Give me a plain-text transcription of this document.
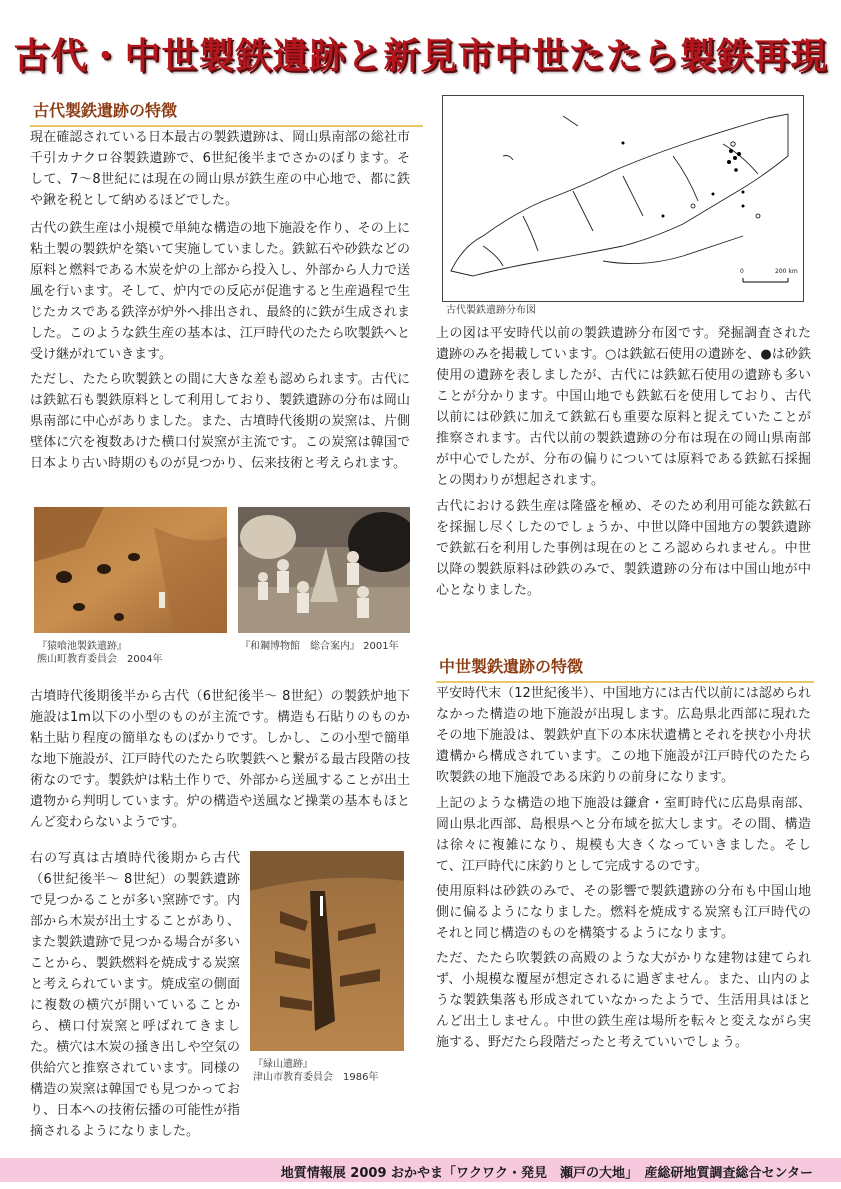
古代・中世製鉄遺跡と新見市中世たたら製鉄再現
古代製鉄遺跡の特徴

現在確認されている日本最古の製鉄遺跡は、岡山県南部の総社市千引カナクロ谷製鉄遺跡で、6世紀後半までさかのぼります。そして、7～8世紀には現在の岡山県が鉄生産の中心地で、都に鉄や鍬を税として納めるほどでした。

古代の鉄生産は小規模で単純な構造の地下施設を作り、その上に粘土製の製鉄炉を築いて実施していました。鉄鉱石や砂鉄などの原料と燃料である木炭を炉の上部から投入し、外部から人力で送風を行います。そして、炉内での反応が促進すると生産過程で生じたカスである鉄滓が炉外へ排出され、最終的に鉄が生成されました。このような鉄生産の基本は、江戸時代のたたら吹製鉄へと受け継がれていきます。

ただし、たたら吹製鉄との間に大きな差も認められます。古代には鉄鉱石も製鉄原料として利用しており、製鉄遺跡の分布は岡山県南部に中心がありました。また、古墳時代後期の炭窯は、片側壁体に穴を複数あけた横口付炭窯が主流です。この炭窯は韓国で日本より古い時期のものが見つかり、伝来技術と考えられます。

『猿喰池製鉄遺跡』
熊山町教育委員会　2004年

『和鋼博物館　総合案内』 2001年

古墳時代後期後半から古代（6世紀後半～ 8世紀）の製鉄炉地下施設は1m以下の小型のものが主流です。構造も石貼りのものか粘土貼り程度の簡単なものばかりです。しかし、この小型で簡単な地下施設が、江戸時代のたたら吹製鉄へと繋がる最古段階の技術なのです。製鉄炉は粘土作りで、外部から送風することが出土遺物から判明しています。炉の構造や送風など操業の基本もほとんど変わらないようです。

右の写真は古墳時代後期から古代（6世紀後半～ 8世紀）の製鉄遺跡で見つかることが多い窯跡です。内部から木炭が出土することがあり、また製鉄遺跡で見つかる場合が多いことから、製鉄燃料を焼成する炭窯と考えられています。焼成室の側面に複数の横穴が開いていることから、横口付炭窯と呼ばれてきました。横穴は木炭の掻き出しや空気の供給穴と推察されています。同様の構造の炭窯は韓国でも見つかっており、日本への技術伝播の可能性が指摘されるようになりました。

『緑山遺跡』
津山市教育委員会　1986年

0	200 km

古代製鉄遺跡分布図

上の図は平安時代以前の製鉄遺跡分布図です。発掘調査された遺跡のみを掲載しています。○は鉄鉱石使用の遺跡を、●は砂鉄使用の遺跡を表しましたが、古代には鉄鉱石使用の遺跡も多いことが分かります。中国山地でも鉄鉱石を使用しており、古代以前には砂鉄に加えて鉄鉱石も重要な原料と捉えていたことが推察されます。古代以前の製鉄遺跡の分布は現在の岡山県南部が中心でしたが、分布の偏りについては原料である鉄鉱石採掘との関わりが想起されます。

古代における鉄生産は隆盛を極め、そのため利用可能な鉄鉱石を採掘し尽くしたのでしょうか、中世以降中国地方の製鉄遺跡で鉄鉱石を利用した事例は現在のところ認められません。中世以降の製鉄原料は砂鉄のみで、製鉄遺跡の分布は中国山地が中心となりました。

中世製鉄遺跡の特徴

平安時代末（12世紀後半）、中国地方には古代以前には認められなかった構造の地下施設が出現します。広島県北西部に現れたその地下施設は、製鉄炉直下の本床状遺構とそれを挟む小舟状遺構から構成されています。この地下施設が江戸時代のたたら吹製鉄の地下施設である床釣りの前身になります。

上記のような構造の地下施設は鎌倉・室町時代に広島県南部、岡山県北西部、島根県へと分布域を拡大します。その間、構造は徐々に複雑になり、規模も大きくなっていきました。そして、江戸時代に床釣りとして完成するのです。

使用原料は砂鉄のみで、その影響で製鉄遺跡の分布も中国山地側に偏るようになりました。燃料を焼成する炭窯も江戸時代のそれと同じ構造のものを構築するようになります。

ただ、たたら吹製鉄の高殿のような大がかりな建物は建てられず、小規模な覆屋が想定されるに過ぎません。また、山内のような製鉄集落も形成されていなかったようで、生活用具はほとんど出土しません。中世の鉄生産は場所を転々と変えながら実施する、野だたら段階だったと考えていいでしょう。

地質情報展 2009 おかやま「ワクワク・発見　瀬戸の大地」　産総研地質調査総合センター
